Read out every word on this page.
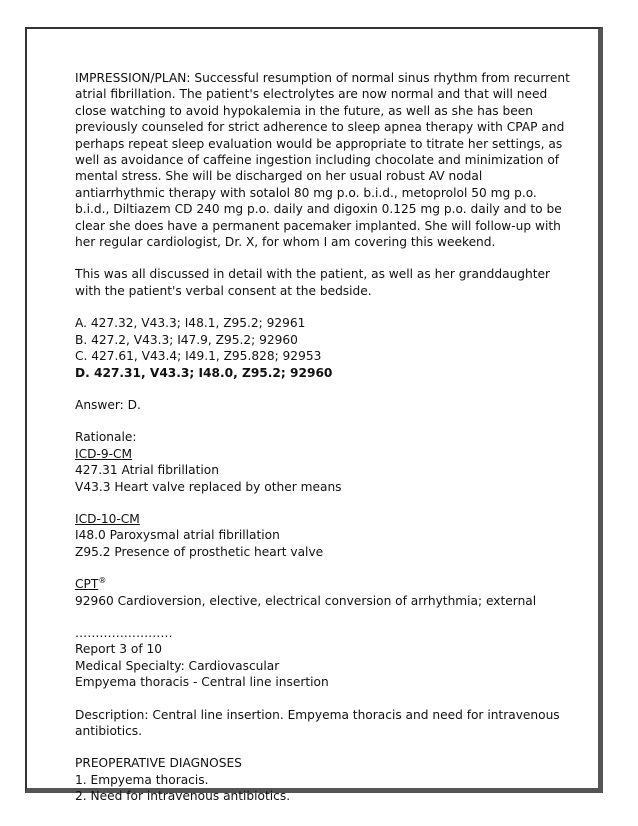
IMPRESSION/PLAN: Successful resumption of normal sinus rhythm from recurrent atrial fibrillation. The patient's electrolytes are now normal and that will need close watching to avoid hypokalemia in the future, as well as she has been previously counseled for strict adherence to sleep apnea therapy with CPAP and perhaps repeat sleep evaluation would be appropriate to titrate her settings, as well as avoidance of caffeine ingestion including chocolate and minimization of mental stress. She will be discharged on her usual robust AV nodal antiarrhythmic therapy with sotalol 80 mg p.o. b.i.d., metoprolol 50 mg p.o. b.i.d., Diltiazem CD 240 mg p.o. daily and digoxin 0.125 mg p.o. daily and to be clear she does have a permanent pacemaker implanted. She will follow-up with her regular cardiologist, Dr. X, for whom I am covering this weekend.

This was all discussed in detail with the patient, as well as her granddaughter with the patient's verbal consent at the bedside.

A. 427.32, V43.3; I48.1, Z95.2; 92961
B. 427.2, V43.3; I47.9, Z95.2; 92960
C. 427.61, V43.4; I49.1, Z95.828; 92953
D. 427.31, V43.3; I48.0, Z95.2; 92960
Answer: D.
Rationale:
ICD-9-CM
427.31 Atrial fibrillation
V43.3 Heart valve replaced by other means
ICD-10-CM
I48.0 Paroxysmal atrial fibrillation
Z95.2 Presence of prosthetic heart valve
CPT®
92960 Cardioversion, elective, electrical conversion of arrhythmia; external
……………………
Report 3 of 10
Medical Specialty: Cardiovascular
Empyema thoracis - Central line insertion

Description: Central line insertion. Empyema thoracis and need for intravenous antibiotics.

PREOPERATIVE DIAGNOSES
1. Empyema thoracis.
2. Need for intravenous antibiotics.
